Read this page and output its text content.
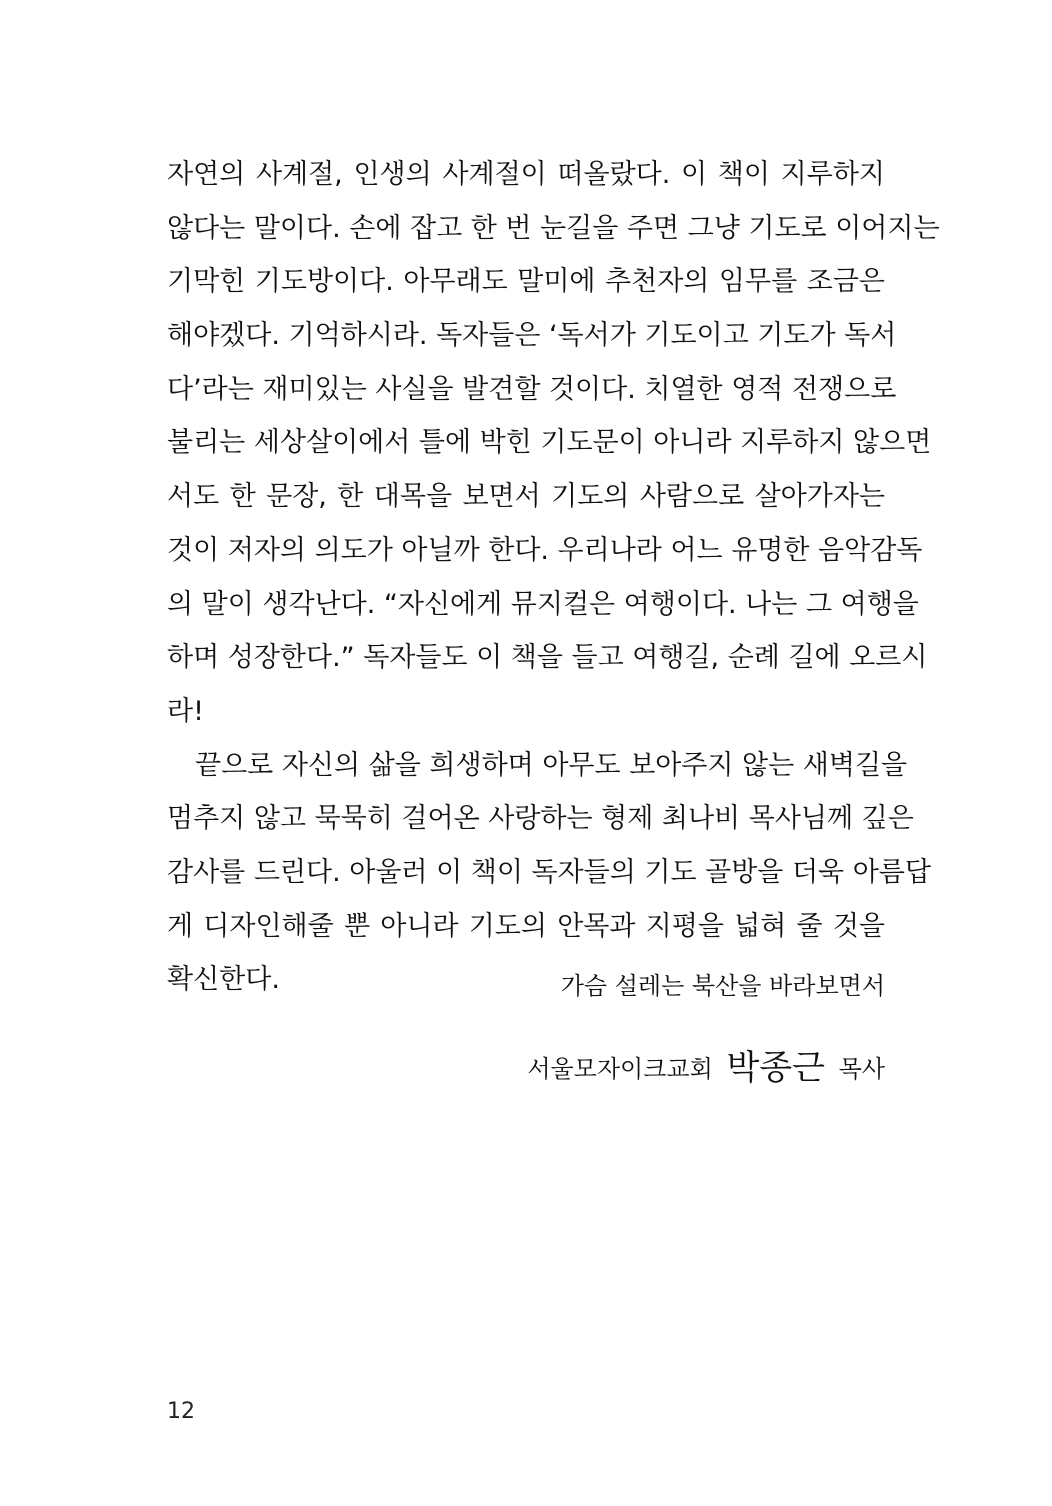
자연의 사계절, 인생의 사계절이 떠올랐다. 이 책이 지루하지
않다는 말이다. 손에 잡고 한 번 눈길을 주면 그냥 기도로 이어지는
기막힌 기도방이다. 아무래도 말미에 추천자의 임무를 조금은
해야겠다. 기억하시라. 독자들은 ‘독서가 기도이고 기도가 독서
다’라는 재미있는 사실을 발견할 것이다. 치열한 영적 전쟁으로
불리는 세상살이에서 틀에 박힌 기도문이 아니라 지루하지 않으면
서도 한 문장, 한 대목을 보면서 기도의 사람으로 살아가자는
것이 저자의 의도가 아닐까 한다. 우리나라 어느 유명한 음악감독
의 말이 생각난다. “자신에게 뮤지컬은 여행이다. 나는 그 여행을
하며 성장한다.” 독자들도 이 책을 들고 여행길, 순례 길에 오르시
라!
끝으로 자신의 삶을 희생하며 아무도 보아주지 않는 새벽길을
멈추지 않고 묵묵히 걸어온 사랑하는 형제 최나비 목사님께 깊은
감사를 드린다. 아울러 이 책이 독자들의 기도 골방을 더욱 아름답
게 디자인해줄 뿐 아니라 기도의 안목과 지평을 넓혀 줄 것을
확신한다.	가슴 설레는 북산을 바라보면서
서울모자이크교회 박종근 목사
12
